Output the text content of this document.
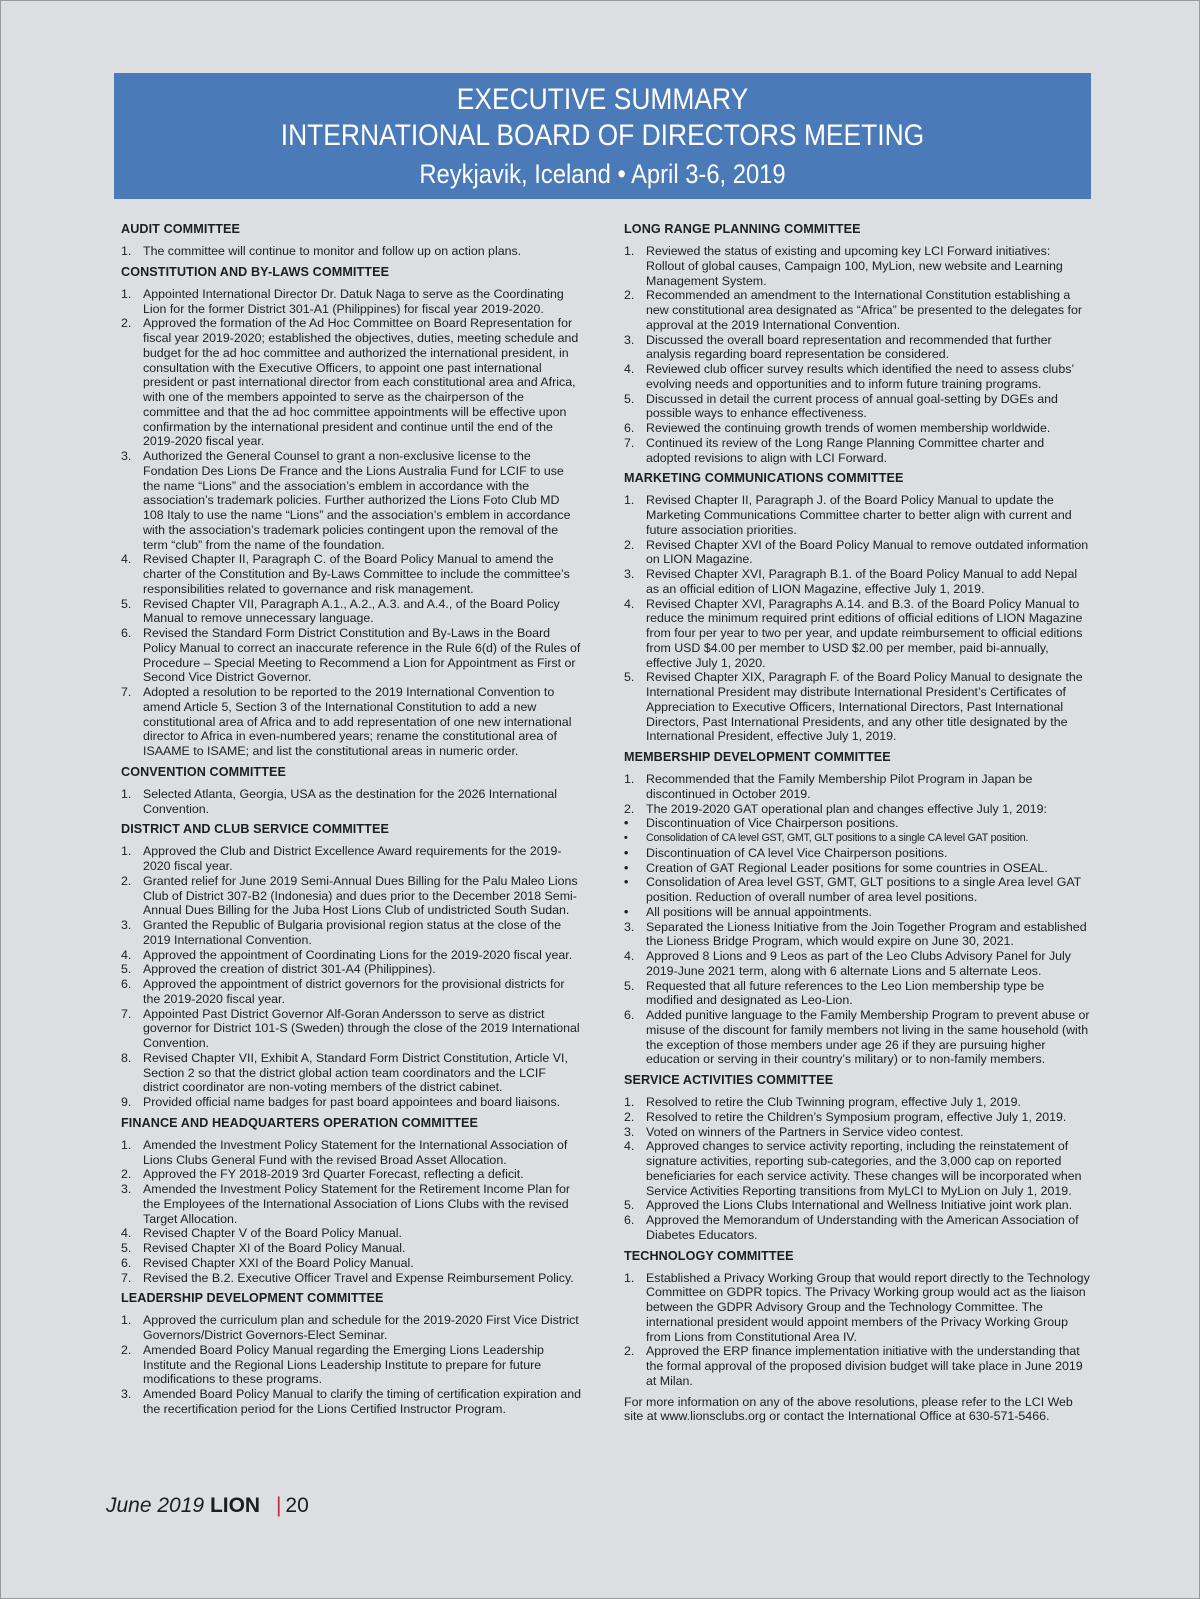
EXECUTIVE SUMMARY
INTERNATIONAL BOARD OF DIRECTORS MEETING
Reykjavik, Iceland • April 3-6, 2019
AUDIT COMMITTEE
1. The committee will continue to monitor and follow up on action plans.
CONSTITUTION AND BY-LAWS COMMITTEE
1. Appointed International Director Dr. Datuk Naga to serve as the Coordinating Lion for the former District 301-A1 (Philippines) for fiscal year 2019-2020.
2. Approved the formation of the Ad Hoc Committee on Board Representation for fiscal year 2019-2020; established the objectives, duties, meeting schedule and budget for the ad hoc committee and authorized the international president, in consultation with the Executive Officers, to appoint one past international president or past international director from each constitutional area and Africa, with one of the members appointed to serve as the chairperson of the committee and that the ad hoc committee appointments will be effective upon confirmation by the international president and continue until the end of the 2019-2020 fiscal year.
3. Authorized the General Counsel to grant a non-exclusive license to the Fondation Des Lions De France and the Lions Australia Fund for LCIF to use the name “Lions” and the association’s emblem in accordance with the association’s trademark policies. Further authorized the Lions Foto Club MD 108 Italy to use the name “Lions” and the association’s emblem in accordance with the association’s trademark policies contingent upon the removal of the term “club” from the name of the foundation.
4. Revised Chapter II, Paragraph C. of the Board Policy Manual to amend the charter of the Constitution and By-Laws Committee to include the committee’s responsibilities related to governance and risk management.
5. Revised Chapter VII, Paragraph A.1., A.2., A.3. and A.4., of the Board Policy Manual to remove unnecessary language.
6. Revised the Standard Form District Constitution and By-Laws in the Board Policy Manual to correct an inaccurate reference in the Rule 6(d) of the Rules of Procedure – Special Meeting to Recommend a Lion for Appointment as First or Second Vice District Governor.
7. Adopted a resolution to be reported to the 2019 International Convention to amend Article 5, Section 3 of the International Constitution to add a new constitutional area of Africa and to add representation of one new international director to Africa in even-numbered years; rename the constitutional area of ISAAME to ISAME; and list the constitutional areas in numeric order.
CONVENTION COMMITTEE
1. Selected Atlanta, Georgia, USA as the destination for the 2026 International Convention.
DISTRICT AND CLUB SERVICE COMMITTEE
1. Approved the Club and District Excellence Award requirements for the 2019-2020 fiscal year.
2. Granted relief for June 2019 Semi-Annual Dues Billing for the Palu Maleo Lions Club of District 307-B2 (Indonesia) and dues prior to the December 2018 Semi-Annual Dues Billing for the Juba Host Lions Club of undistricted South Sudan.
3. Granted the Republic of Bulgaria provisional region status at the close of the 2019 International Convention.
4. Approved the appointment of Coordinating Lions for the 2019-2020 fiscal year.
5. Approved the creation of district 301-A4 (Philippines).
6. Approved the appointment of district governors for the provisional districts for the 2019-2020 fiscal year.
7. Appointed Past District Governor Alf-Goran Andersson to serve as district governor for District 101-S (Sweden) through the close of the 2019 International Convention.
8. Revised Chapter VII, Exhibit A, Standard Form District Constitution, Article VI, Section 2 so that the district global action team coordinators and the LCIF district coordinator are non-voting members of the district cabinet.
9. Provided official name badges for past board appointees and board liaisons.
FINANCE AND HEADQUARTERS OPERATION COMMITTEE
1. Amended the Investment Policy Statement for the International Association of Lions Clubs General Fund with the revised Broad Asset Allocation.
2. Approved the FY 2018-2019 3rd Quarter Forecast, reflecting a deficit.
3. Amended the Investment Policy Statement for the Retirement Income Plan for the Employees of the International Association of Lions Clubs with the revised Target Allocation.
4. Revised Chapter V of the Board Policy Manual.
5. Revised Chapter XI of the Board Policy Manual.
6. Revised Chapter XXI of the Board Policy Manual.
7. Revised the B.2. Executive Officer Travel and Expense Reimbursement Policy.
LEADERSHIP DEVELOPMENT COMMITTEE
1. Approved the curriculum plan and schedule for the 2019-2020 First Vice District Governors/District Governors-Elect Seminar.
2. Amended Board Policy Manual regarding the Emerging Lions Leadership Institute and the Regional Lions Leadership Institute to prepare for future modifications to these programs.
3. Amended Board Policy Manual to clarify the timing of certification expiration and the recertification period for the Lions Certified Instructor Program.
LONG RANGE PLANNING COMMITTEE
1. Reviewed the status of existing and upcoming key LCI Forward initiatives: Rollout of global causes, Campaign 100, MyLion, new website and Learning Management System.
2. Recommended an amendment to the International Constitution establishing a new constitutional area designated as “Africa” be presented to the delegates for approval at the 2019 International Convention.
3. Discussed the overall board representation and recommended that further analysis regarding board representation be considered.
4. Reviewed club officer survey results which identified the need to assess clubs’ evolving needs and opportunities and to inform future training programs.
5. Discussed in detail the current process of annual goal-setting by DGEs and possible ways to enhance effectiveness.
6. Reviewed the continuing growth trends of women membership worldwide.
7. Continued its review of the Long Range Planning Committee charter and adopted revisions to align with LCI Forward.
MARKETING COMMUNICATIONS COMMITTEE
1. Revised Chapter II, Paragraph J. of the Board Policy Manual to update the Marketing Communications Committee charter to better align with current and future association priorities.
2. Revised Chapter XVI of the Board Policy Manual to remove outdated information on LION Magazine.
3. Revised Chapter XVI, Paragraph B.1. of the Board Policy Manual to add Nepal as an official edition of LION Magazine, effective July 1, 2019.
4. Revised Chapter XVI, Paragraphs A.14. and B.3. of the Board Policy Manual to reduce the minimum required print editions of official editions of LION Magazine from four per year to two per year, and update reimbursement to official editions from USD $4.00 per member to USD $2.00 per member, paid bi-annually, effective July 1, 2020.
5. Revised Chapter XIX, Paragraph F. of the Board Policy Manual to designate the International President may distribute International President’s Certificates of Appreciation to Executive Officers, International Directors, Past International Directors, Past International Presidents, and any other title designated by the International President, effective July 1, 2019.
MEMBERSHIP DEVELOPMENT COMMITTEE
1. Recommended that the Family Membership Pilot Program in Japan be discontinued in October 2019.
2. The 2019-2020 GAT operational plan and changes effective July 1, 2019:
•	Discontinuation of Vice Chairperson positions.
•	Consolidation of CA level GST, GMT, GLT positions to a single CA level GAT position.
•	Discontinuation of CA level Vice Chairperson positions.
•	Creation of GAT Regional Leader positions for some countries in OSEAL.
•	Consolidation of Area level GST, GMT, GLT positions to a single Area level GAT position. Reduction of overall number of area level positions.
•	All positions will be annual appointments.
3. Separated the Lioness Initiative from the Join Together Program and established the Lioness Bridge Program, which would expire on June 30, 2021.
4. Approved 8 Lions and 9 Leos as part of the Leo Clubs Advisory Panel for July 2019-June 2021 term, along with 6 alternate Lions and 5 alternate Leos.
5. Requested that all future references to the Leo Lion membership type be modified and designated as Leo-Lion.
6. Added punitive language to the Family Membership Program to prevent abuse or misuse of the discount for family members not living in the same household (with the exception of those members under age 26 if they are pursuing higher education or serving in their country’s military) or to non-family members.
SERVICE ACTIVITIES COMMITTEE
1. Resolved to retire the Club Twinning program, effective July 1, 2019.
2. Resolved to retire the Children’s Symposium program, effective July 1, 2019.
3. Voted on winners of the Partners in Service video contest.
4. Approved changes to service activity reporting, including the reinstatement of signature activities, reporting sub-categories, and the 3,000 cap on reported beneficiaries for each service activity. These changes will be incorporated when Service Activities Reporting transitions from MyLCI to MyLion on July 1, 2019.
5. Approved the Lions Clubs International and Wellness Initiative joint work plan.
6. Approved the Memorandum of Understanding with the American Association of Diabetes Educators.
TECHNOLOGY COMMITTEE
1. Established a Privacy Working Group that would report directly to the Technology Committee on GDPR topics. The Privacy Working group would act as the liaison between the GDPR Advisory Group and the Technology Committee. The international president would appoint members of the Privacy Working Group from Lions from Constitutional Area IV.
2. Approved the ERP finance implementation initiative with the understanding that the formal approval of the proposed division budget will take place in June 2019 at Milan.
For more information on any of the above resolutions, please refer to the LCI Web site at www.lionsclubs.org or contact the International Office at 630-571-5466.
June 2019 LION | 20
